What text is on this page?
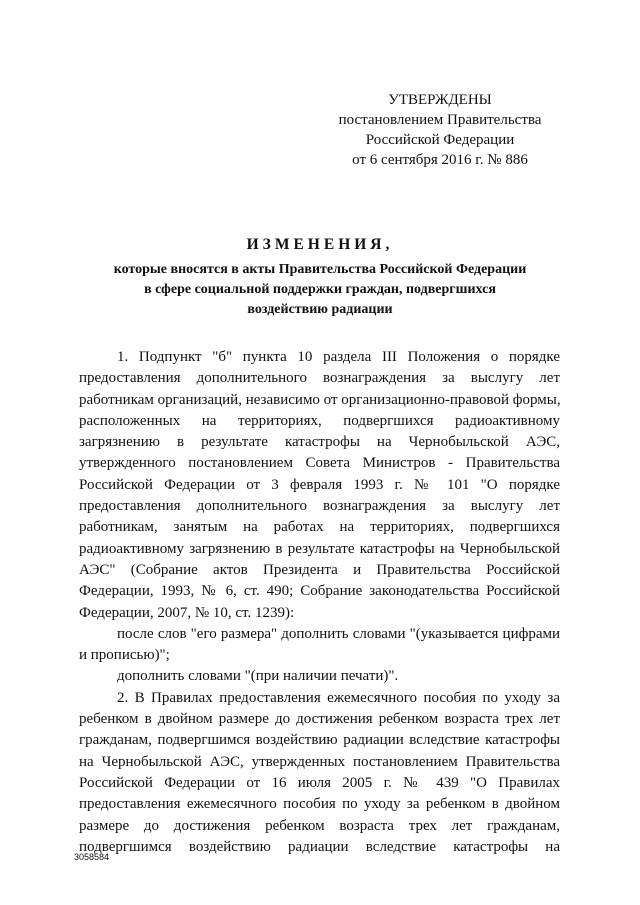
УТВЕРЖДЕНЫ
постановлением Правительства
Российской Федерации
от 6 сентября 2016 г. № 886
ИЗМЕНЕНИЯ,
которые вносятся в акты Правительства Российской Федерации
в сфере социальной поддержки граждан, подвергшихся
воздействию радиации
1. Подпункт "б" пункта 10 раздела III Положения о порядке
предоставления дополнительного вознаграждения за выслугу лет
работникам организаций, независимо от организационно-правовой формы,
расположенных на территориях, подвергшихся радиоактивному
загрязнению в результате катастрофы на Чернобыльской АЭС,
утвержденного постановлением Совета Министров - Правительства
Российской Федерации от 3 февраля 1993 г. № 101 "О порядке
предоставления дополнительного вознаграждения за выслугу лет
работникам, занятым на работах на территориях, подвергшихся
радиоактивному загрязнению в результате катастрофы на Чернобыльской
АЭС" (Собрание актов Президента и Правительства Российской
Федерации, 1993, № 6, ст. 490; Собрание законодательства Российской
Федерации, 2007, № 10, ст. 1239):
после слов "его размера" дополнить словами "(указывается цифрами
и прописью)";
дополнить словами "(при наличии печати)".
2. В Правилах предоставления ежемесячного пособия по уходу за
ребенком в двойном размере до достижения ребенком возраста трех лет
гражданам, подвергшимся воздействию радиации вследствие катастрофы
на Чернобыльской АЭС, утвержденных постановлением Правительства
Российской Федерации от 16 июля 2005 г. № 439 "О Правилах
предоставления ежемесячного пособия по уходу за ребенком в двойном
размере до достижения ребенком возраста трех лет гражданам,
подвергшимся воздействию радиации вследствие катастрофы на
3058584
